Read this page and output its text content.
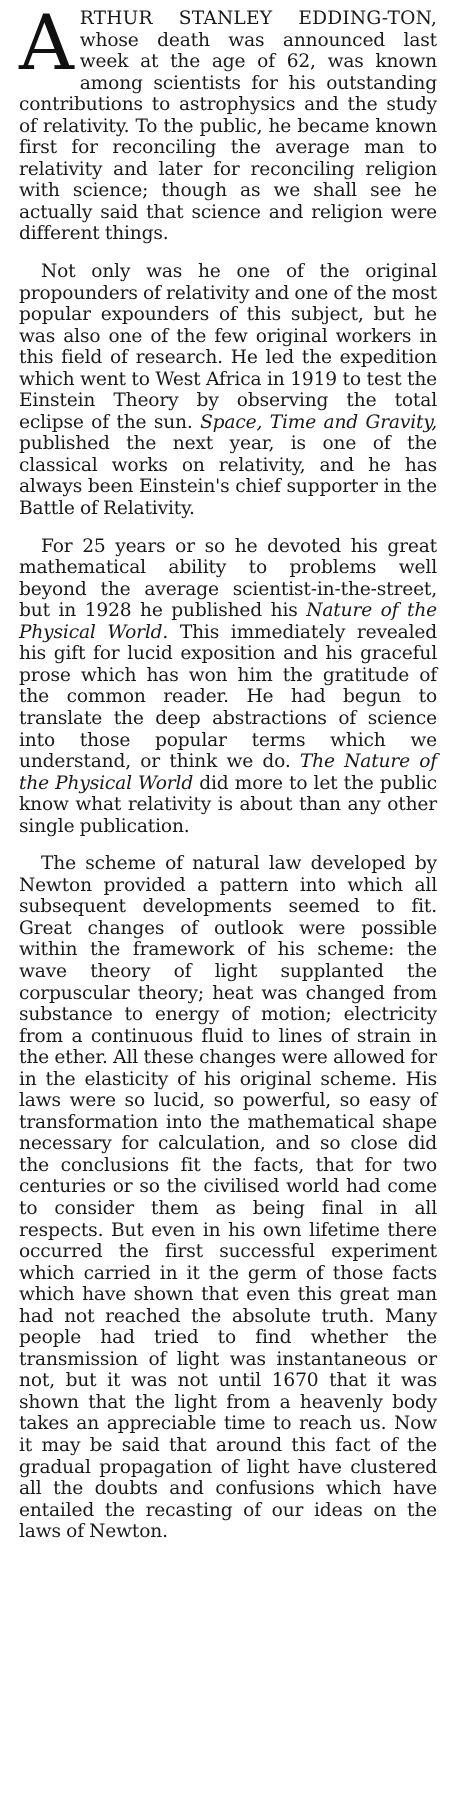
ARTHUR STANLEY EDDING-TON, whose death was announced last week at the age of 62, was known among scientists for his outstanding contributions to astrophysics and the study of relativity. To the public, he became known first for reconciling the average man to relativity and later for reconciling religion with science; though as we shall see he actually said that science and religion were different things.

Not only was he one of the original propounders of relativity and one of the most popular expounders of this subject, but he was also one of the few original workers in this field of research. He led the expedition which went to West Africa in 1919 to test the Einstein Theory by observing the total eclipse of the sun. Space, Time and Gravity, published the next year, is one of the classical works on relativity, and he has always been Einstein's chief supporter in the Battle of Relativity.

For 25 years or so he devoted his great mathematical ability to problems well beyond the average scientist-in-the-street, but in 1928 he published his Nature of the Physical World. This immediately revealed his gift for lucid exposition and his graceful prose which has won him the gratitude of the common reader. He had begun to translate the deep abstractions of science into those popular terms which we understand, or think we do. The Nature of the Physical World did more to let the public know what relativity is about than any other single publication.

The scheme of natural law developed by Newton provided a pattern into which all subsequent developments seemed to fit. Great changes of outlook were possible within the framework of his scheme: the wave theory of light supplanted the corpuscular theory; heat was changed from substance to energy of motion; electricity from a continuous fluid to lines of strain in the ether. All these changes were allowed for in the elasticity of his original scheme. His laws were so lucid, so powerful, so easy of transformation into the mathematical shape necessary for calculation, and so close did the conclusions fit the facts, that for two centuries or so the civilised world had come to consider them as being final in all respects. But even in his own lifetime there occurred the first successful experiment which carried in it the germ of those facts which have shown that even this great man had not reached the absolute truth. Many people had tried to find whether the transmission of light was instantaneous or not, but it was not until 1670 that it was shown that the light from a heavenly body takes an appreciable time to reach us. Now it may be said that around this fact of the gradual propagation of light have clustered all the doubts and confusions which have entailed the recasting of our ideas on the laws of Newton.
